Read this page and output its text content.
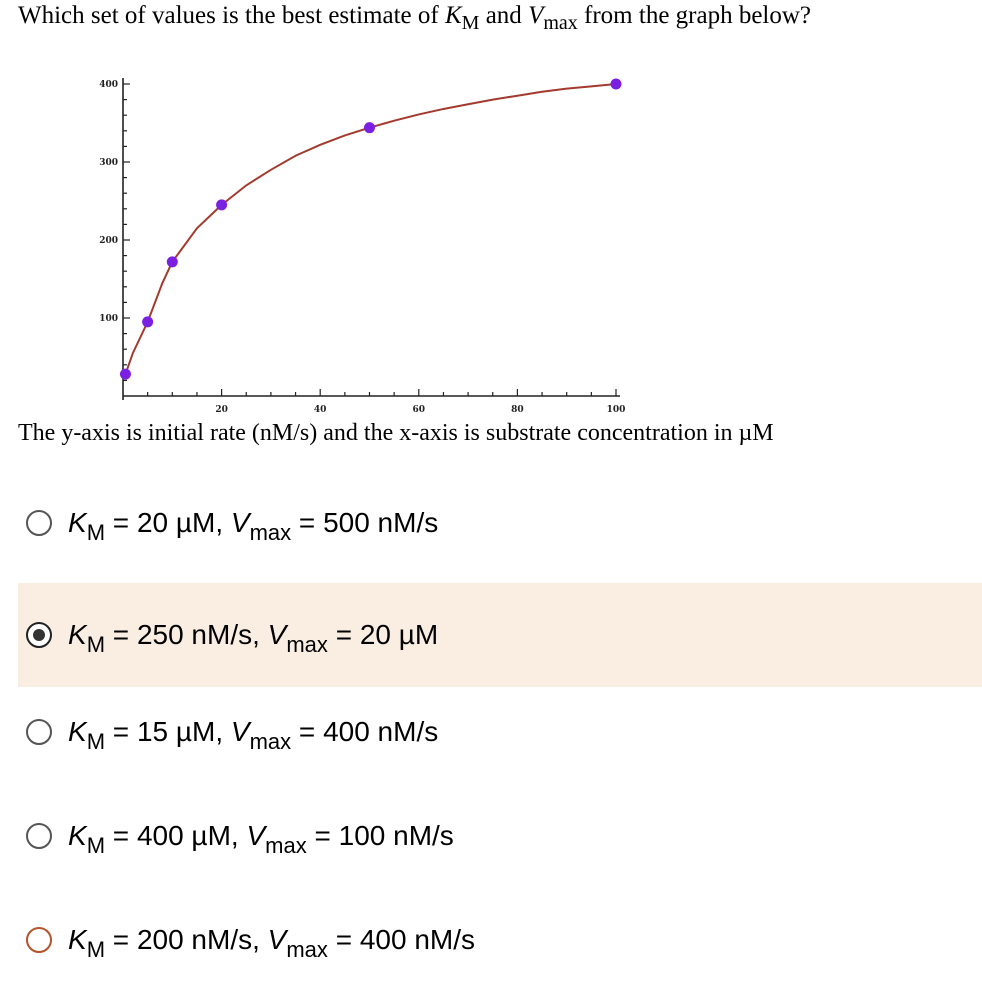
Which set of values is the best estimate of $K_M$ and $V_{max}$ from the graph below?
20	40	60	80	100
100
200
300
400
The y-axis is initial rate (nM/s) and the x-axis is substrate concentration in µM
$K_M = 20$ µM, $V_{max} = 500$ nM/s
$K_M = 250$ nM/s, $V_{max} = 20$ µM
$K_M = 15$ µM, $V_{max} = 400$ nM/s
$K_M = 400$ µM, $V_{max} = 100$ nM/s
$K_M = 200$ nM/s, $V_{max} = 400$ nM/s
